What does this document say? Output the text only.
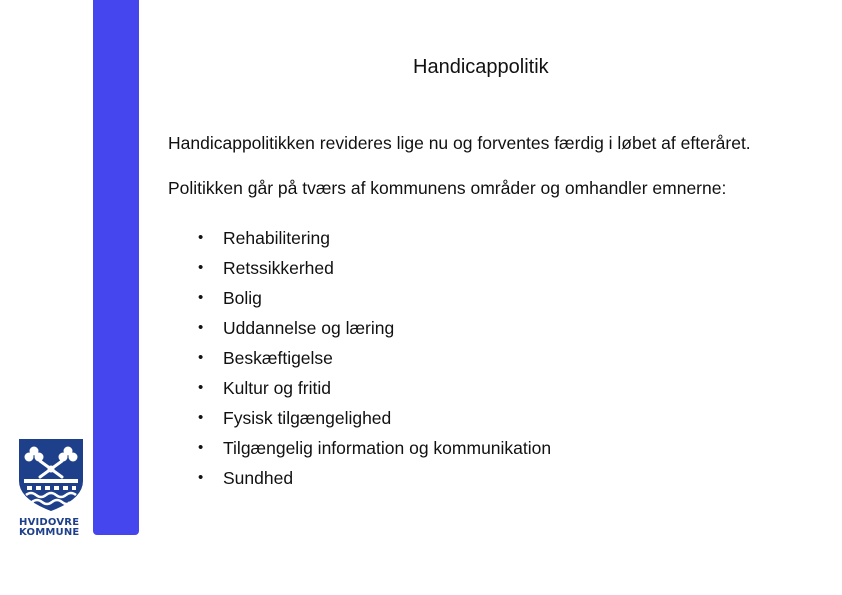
Handicappolitik
Handicappolitikken revideres lige nu og forventes færdig i løbet af efteråret.
Politikken går på tværs af kommunens områder og omhandler emnerne:
•	Rehabilitering
•	Retssikkerhed
•	Bolig
•	Uddannelse og læring
•	Beskæftigelse
•	Kultur og fritid
•	Fysisk tilgængelighed
•	Tilgængelig information og kommunikation
•	Sundhed
HVIDOVRE
KOMMUNE
